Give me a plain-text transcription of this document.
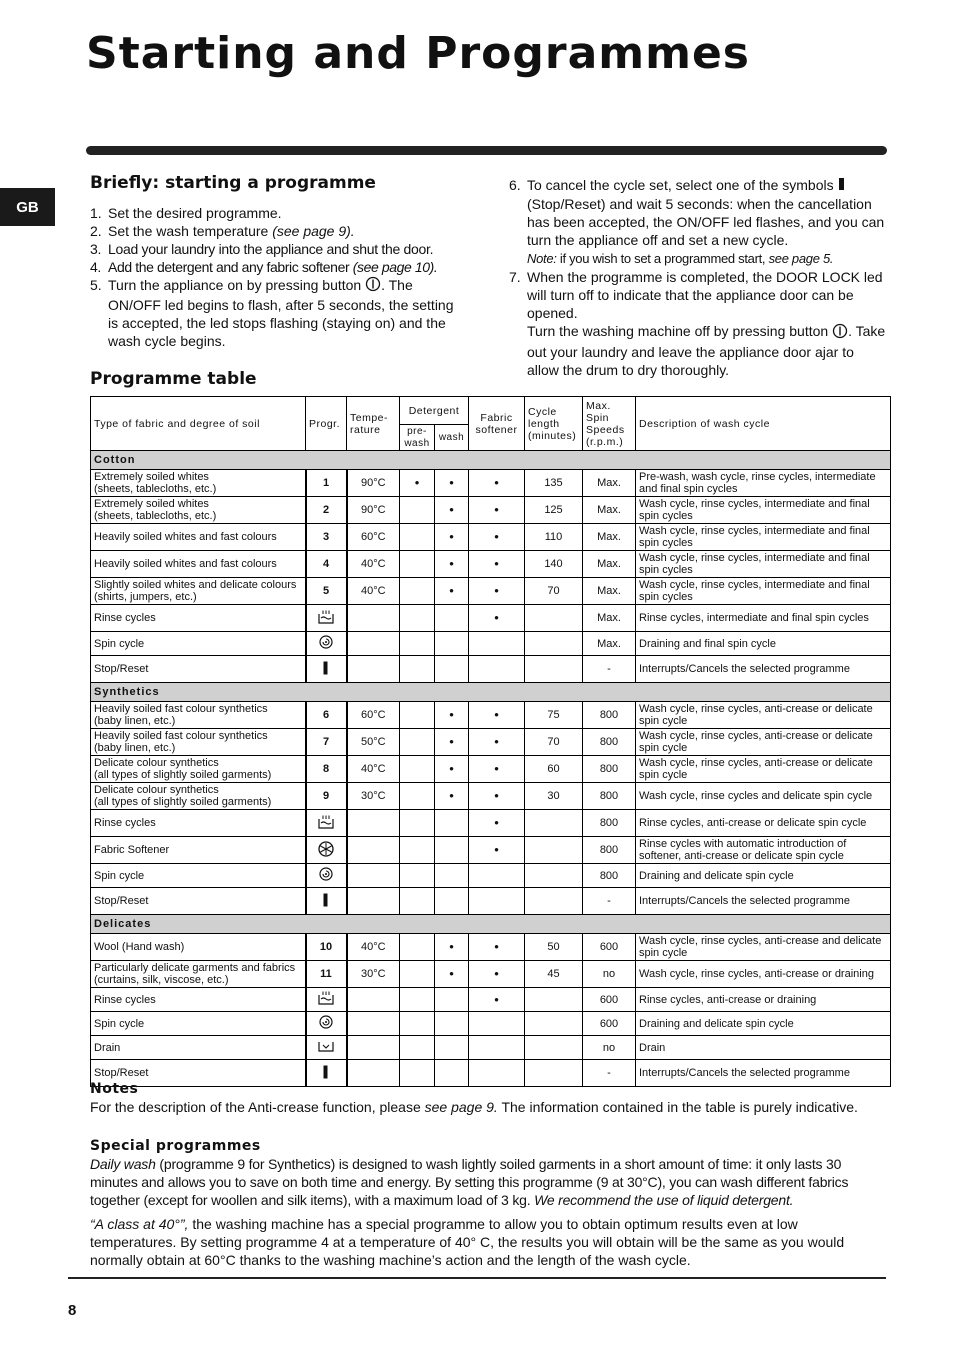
Starting and Programmes
GB
Briefly: starting a programme
1. Set the desired programme.
2. Set the wash temperature (see page 9).
3. Load your laundry into the appliance and shut the door.
4. Add the detergent and any fabric softener (see page 10).
5. Turn the appliance on by pressing button . The ON/OFF led begins to flash, after 5 seconds, the setting is accepted, the led stops flashing (staying on) and the wash cycle begins.
6. To cancel the cycle set, select one of the symbols  (Stop/Reset) and wait 5 seconds: when the cancellation has been accepted, the ON/OFF led flashes, and you can turn the appliance off and set a new cycle.
Note: if you wish to set a programmed start, see page 5.
7. When the programme is completed, the DOOR LOCK led will turn off to indicate that the appliance door can be opened.
Turn the washing machine off by pressing button . Take out your laundry and leave the appliance door ajar to allow the drum to dry thoroughly.
Programme table
Type of fabric and degree of soil	Progr.	Tempe-rature	Detergent		Fabric softener	Cycle length (minutes)	Max. Spin Speeds (r.p.m.)	Description of wash cycle
			pre-wash	wash				
Cotton								
Extremely soiled whites
(sheets, tablecloths, etc.)	1	90°C	•	•	•	135	Max.	Pre-wash, wash cycle, rinse cycles, intermediate and final spin cycles
Extremely soiled whites
(sheets, tablecloths, etc.)	2	90°C		•	•	125	Max.	Wash cycle, rinse cycles, intermediate and final spin cycles
Heavily soiled whites and fast colours	3	60°C		•	•	110	Max.	Wash cycle, rinse cycles, intermediate and final spin cycles
Heavily soiled whites and fast colours	4	40°C		•	•	140	Max.	Wash cycle, rinse cycles, intermediate and final spin cycles
Slightly soiled whites and delicate colours (shirts, jumpers, etc.)	5	40°C		•	•	70	Max.	Wash cycle, rinse cycles, intermediate and final spin cycles
Rinse cycles					•		Max.	Rinse cycles, intermediate and final spin cycles
Spin cycle							Max.	Draining and final spin cycle
Stop/Reset							-	Interrupts/Cancels the selected programme
Synthetics								
Heavily soiled fast colour synthetics
(baby linen, etc.)	6	60°C		•	•	75	800	Wash cycle, rinse cycles, anti-crease or delicate spin cycle
Heavily soiled fast colour synthetics
(baby linen, etc.)	7	50°C		•	•	70	800	Wash cycle, rinse cycles, anti-crease or delicate spin cycle
Delicate colour synthetics
(all types of slightly soiled garments)	8	40°C		•	•	60	800	Wash cycle, rinse cycles, anti-crease or delicate spin cycle
Delicate colour synthetics
(all types of slightly soiled garments)	9	30°C		•	•	30	800	Wash cycle, rinse cycles and delicate spin cycle
Rinse cycles					•		800	Rinse cycles, anti-crease or delicate spin cycle
Fabric Softener					•		800	Rinse cycles with automatic introduction of softener, anti-crease or delicate spin cycle
Spin cycle							800	Draining and delicate spin cycle
Stop/Reset							-	Interrupts/Cancels the selected programme
Delicates								
Wool (Hand wash)	10	40°C		•	•	50	600	Wash cycle, rinse cycles, anti-crease and delicate spin cycle
Particularly delicate garments and fabrics (curtains, silk, viscose, etc.)	11	30°C		•	•	45	no	Wash cycle, rinse cycles, anti-crease or draining
Rinse cycles					•		600	Rinse cycles, anti-crease or draining
Spin cycle							600	Draining and delicate spin cycle
Drain							no	Drain
Stop/Reset							-	Interrupts/Cancels the selected programme
Notes
For the description of the Anti-crease function, please see page 9. The information contained in the table is purely indicative.
Special programmes
Daily wash (programme 9 for Synthetics) is designed to wash lightly soiled garments in a short amount of time: it only lasts 30 minutes and allows you to save on both time and energy. By setting this programme (9 at 30°C), you can wash different fabrics together (except for woollen and silk items), with a maximum load of 3 kg. We recommend the use of liquid detergent.
“A class at 40°”, the washing machine has a special programme to allow you to obtain optimum results even at low temperatures. By setting programme 4 at a temperature of 40° C, the results you will obtain will be the same as you would normally obtain at 60°C thanks to the washing machine’s action and the length of the wash cycle.
8
